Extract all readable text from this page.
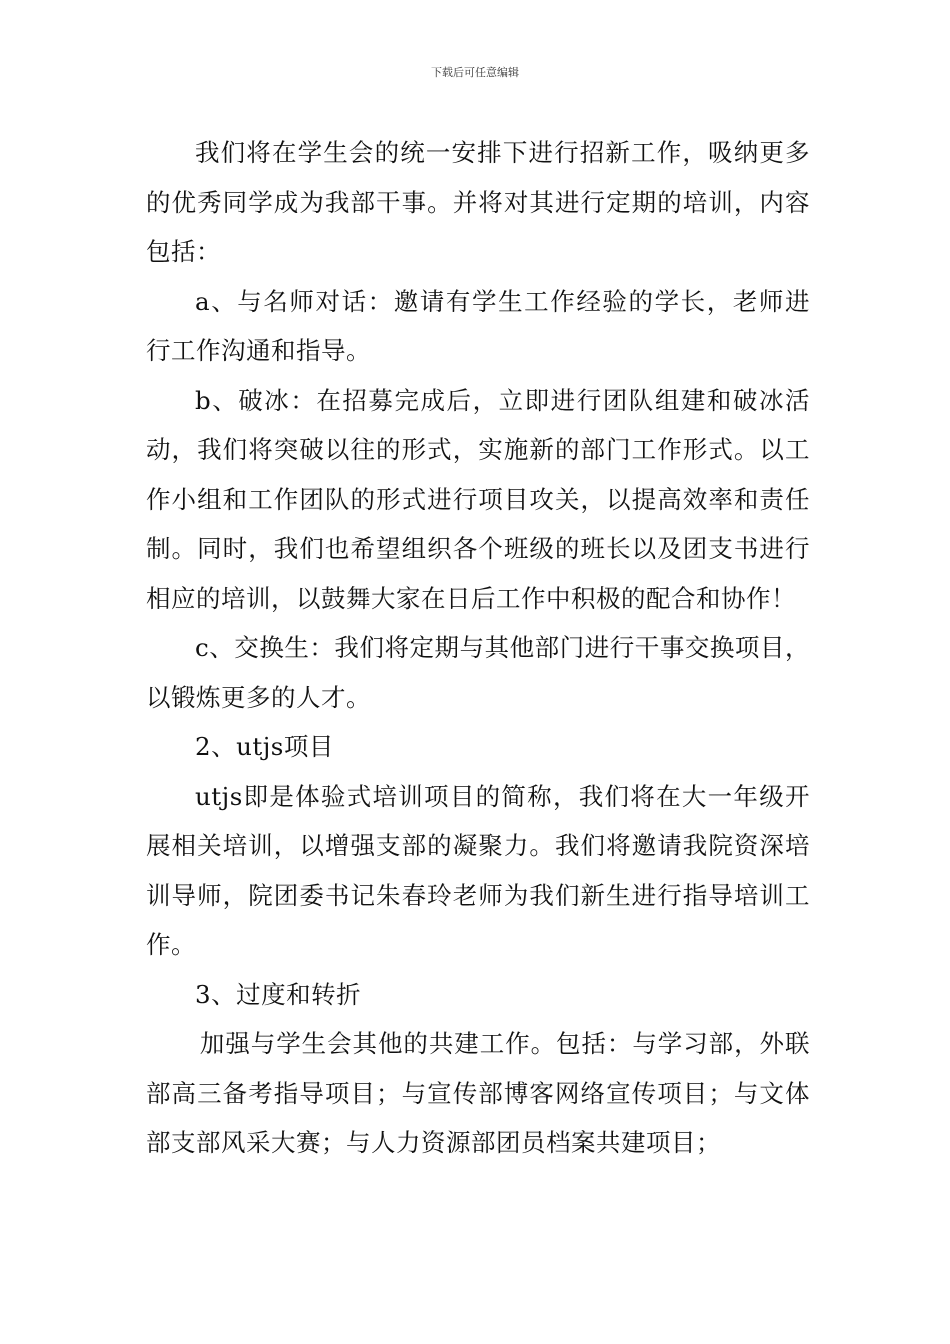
下载后可任意编辑

我们将在学生会的统一安排下进行招新工作，吸纳更多的优秀同学成为我部干事。并将对其进行定期的培训，内容包括：

a、与名师对话：邀请有学生工作经验的学长，老师进行工作沟通和指导。

b、破冰：在招募完成后，立即进行团队组建和破冰活动，我们将突破以往的形式，实施新的部门工作形式。以工作小组和工作团队的形式进行项目攻关，以提高效率和责任制。同时，我们也希望组织各个班级的班长以及团支书进行相应的培训，以鼓舞大家在日后工作中积极的配合和协作！

c、交换生：我们将定期与其他部门进行干事交换项目，以锻炼更多的人才。

2、utjs项目

utjs即是体验式培训项目的简称，我们将在大一年级开展相关培训，以增强支部的凝聚力。我们将邀请我院资深培训导师，院团委书记朱春玲老师为我们新生进行指导培训工作。

3、过度和转折

加强与学生会其他的共建工作。包括：与学习部，外联部高三备考指导项目；与宣传部博客网络宣传项目；与文体部支部风采大赛；与人力资源部团员档案共建项目；
